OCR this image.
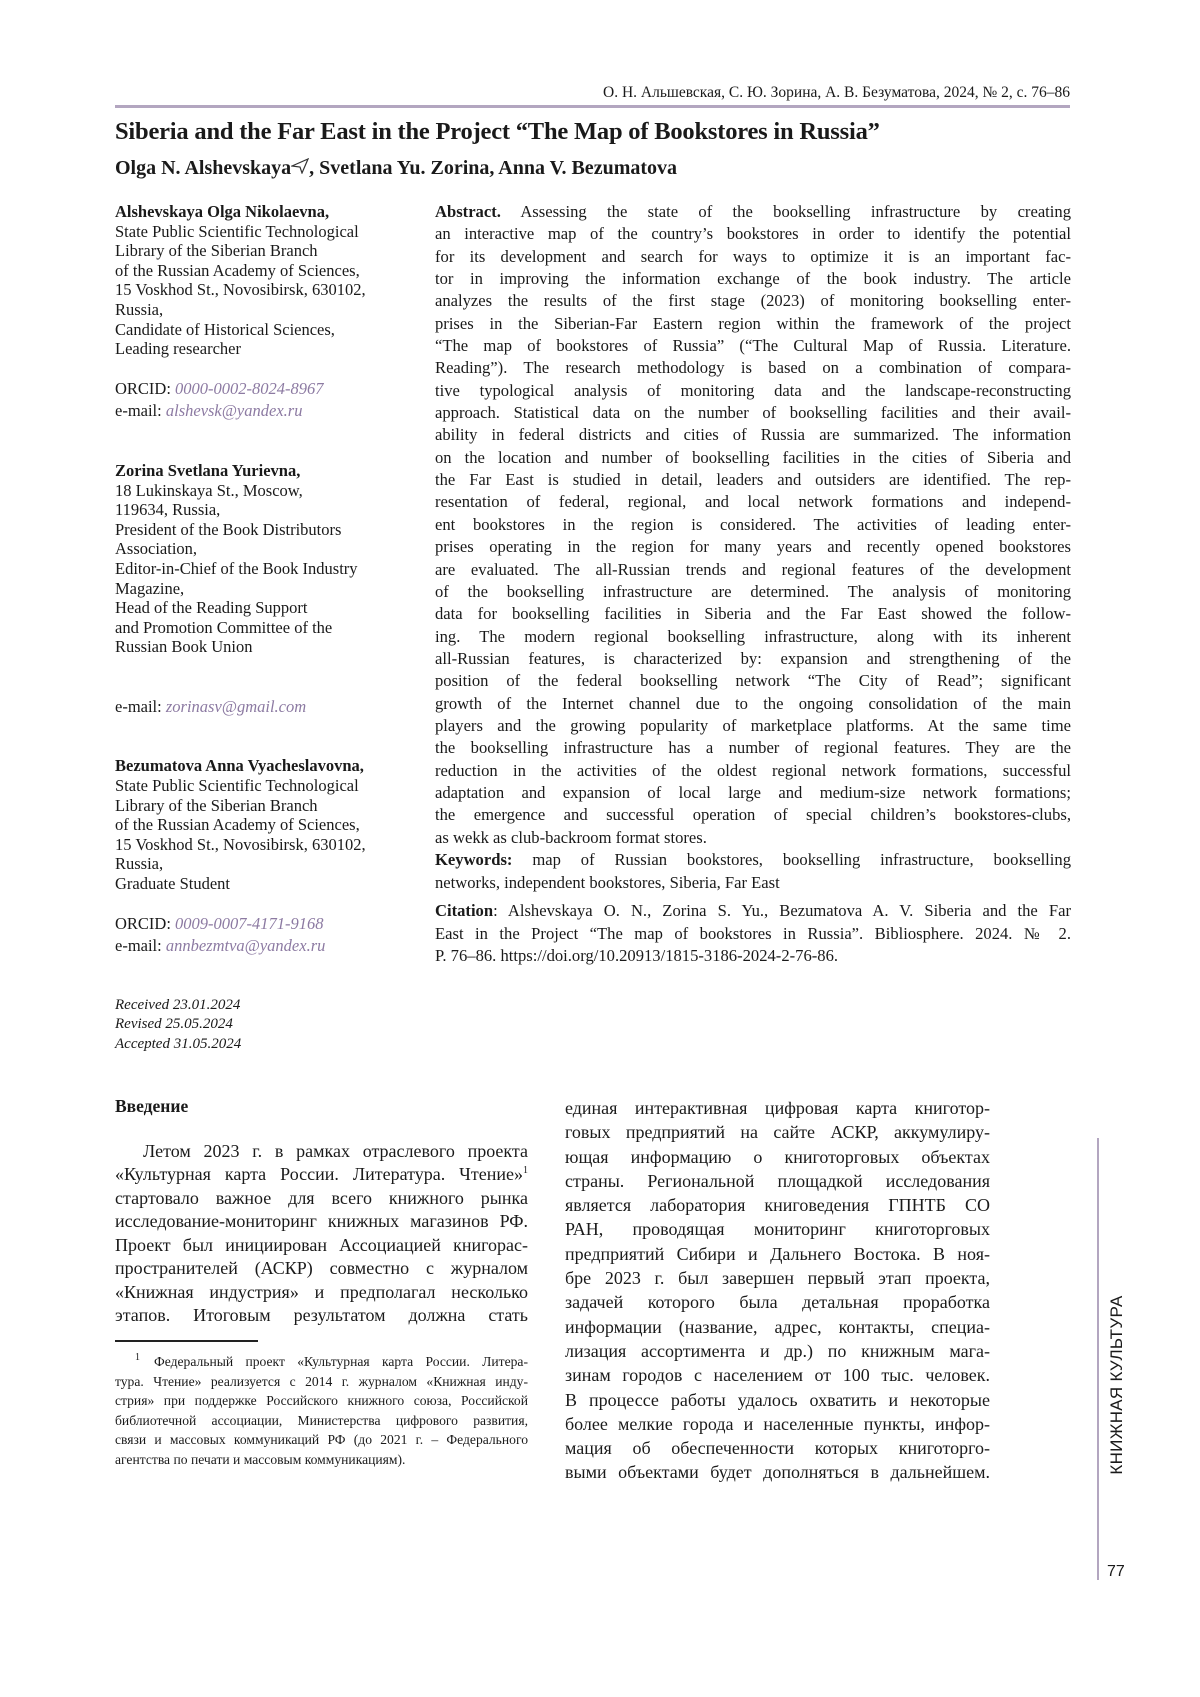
О. Н. Альшевская, С. Ю. Зорина, А. В. Безуматова, 2024, № 2, с. 76–86
Siberia and the Far East in the Project “The Map of Bookstores in Russia”
Olga N. Alshevskaya , Svetlana Yu. Zorina, Anna V. Bezumatova
Alshevskaya Olga Nikolaevna,
State Public Scientific Technological
Library of the Siberian Branch
of the Russian Academy of Sciences,
15 Voskhod St., Novosibirsk, 630102,
Russia,
Candidate of Historical Sciences,
Leading researcher
ORCID: 0000-0002-8024-8967
e-mail: alshevsk@yandex.ru
Zorina Svetlana Yurievna,
18 Lukinskaya St., Moscow,
119634, Russia,
President of the Book Distributors
Association,
Editor-in-Chief of the Book Industry
Magazine,
Head of the Reading Support
and Promotion Committee of the
Russian Book Union
e-mail: zorinasv@gmail.com
Bezumatova Anna Vyacheslavovna,
State Public Scientific Technological
Library of the Siberian Branch
of the Russian Academy of Sciences,
15 Voskhod St., Novosibirsk, 630102,
Russia,
Graduate Student
ORCID: 0009-0007-4171-9168
e-mail: annbezmtva@yandex.ru
Received 23.01.2024
Revised 25.05.2024
Accepted 31.05.2024
Abstract. Assessing the state of the bookselling infrastructure by creating
an interactive map of the country’s bookstores in order to identify the potential
for its development and search for ways to optimize it is an important fac-
tor in improving the information exchange of the book industry. The article
analyzes the results of the first stage (2023) of monitoring bookselling enter-
prises in the Siberian-Far Eastern region within the framework of the project
“The map of bookstores of Russia” (“The Cultural Map of Russia. Literature.
Reading”). The research methodology is based on a combination of compara-
tive typological analysis of monitoring data and the landscape-reconstructing
approach. Statistical data on the number of bookselling facilities and their avail-
ability in federal districts and cities of Russia are summarized. The information
on the location and number of bookselling facilities in the cities of Siberia and
the Far East is studied in detail, leaders and outsiders are identified. The rep-
resentation of federal, regional, and local network formations and independ-
ent bookstores in the region is considered. The activities of leading enter-
prises operating in the region for many years and recently opened bookstores
are evaluated. The all-Russian trends and regional features of the development
of the bookselling infrastructure are determined. The analysis of monitoring
data for bookselling facilities in Siberia and the Far East showed the follow-
ing. The modern regional bookselling infrastructure, along with its inherent
all-Russian features, is characterized by: expansion and strengthening of the
position of the federal bookselling network “The City of Read”; significant
growth of the Internet channel due to the ongoing consolidation of the main
players and the growing popularity of marketplace platforms. At the same time
the bookselling infrastructure has a number of regional features. They are the
reduction in the activities of the oldest regional network formations, successful
adaptation and expansion of local large and medium-size network formations;
the emergence and successful operation of special children’s bookstores-clubs,
as wekk as club-backroom format stores.
Keywords: map of Russian bookstores, bookselling infrastructure, bookselling
networks, independent bookstores, Siberia, Far East
Citation: Alshevskaya O. N., Zorina S. Yu., Bezumatova A. V. Siberia and the Far
East in the Project “The map of bookstores in Russia”. Bibliosphere. 2024. № 2.
P. 76–86. https://doi.org/10.20913/1815-3186-2024-2-76-86.
Введение
Летом 2023 г. в рамках отраслевого проекта
«Культурная карта России. Литература. Чтение»$^1$
стартовало важное для всего книжного рынка
исследование-мониторинг книжных магазинов РФ.
Проект был инициирован Ассоциацией книгорас-
пространителей (АСКР) совместно с журналом
«Книжная индустрия» и предполагал несколько
этапов. Итоговым результатом должна стать
$^1$ Федеральный проект «Культурная карта России. Литера-
тура. Чтение» реализуется с 2014 г. журналом «Книжная инду-
стрия» при поддержке Российского книжного союза, Российской
библиотечной ассоциации, Министерства цифрового развития,
связи и массовых коммуникаций РФ (до 2021 г. – Федерального
агентства по печати и массовым коммуникациям).
единая интерактивная цифровая карта книготор-
говых предприятий на сайте АСКР, аккумулиру-
ющая информацию о книготорговых объектах
страны. Региональной площадкой исследования
является лаборатория книговедения ГПНТБ СО
РАН, проводящая мониторинг книготорговых
предприятий Сибири и Дальнего Востока. В ноя-
бре 2023 г. был завершен первый этап проекта,
задачей которого была детальная проработка
информации (название, адрес, контакты, специа-
лизация ассортимента и др.) по книжным мага-
зинам городов с населением от 100 тыс. человек.
В процессе работы удалось охватить и некоторые
более мелкие города и населенные пункты, инфор-
мация об обеспеченности которых книготорго-
выми объектами будет дополняться в дальнейшем.	КНИЖНАЯ КУЛЬТУРА
77
